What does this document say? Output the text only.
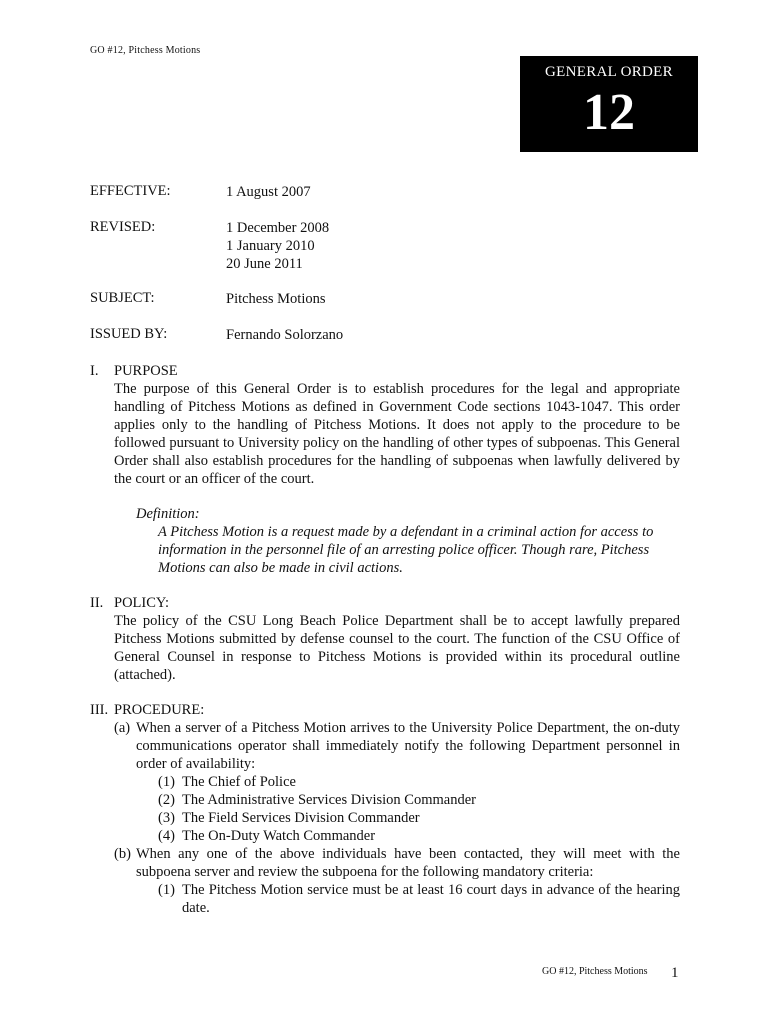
GO #12, Pitchess Motions
GENERAL ORDER
12
EFFECTIVE:	1 August 2007
REVISED:	1 December 2008
1 January 2010
20 June 2011
SUBJECT:	Pitchess Motions
ISSUED BY:	Fernando Solorzano
I. PURPOSE
The purpose of this General Order is to establish procedures for the legal and appropriate handling of Pitchess Motions as defined in Government Code sections 1043-1047. This order applies only to the handling of Pitchess Motions. It does not apply to the procedure to be followed pursuant to University policy on the handling of other types of subpoenas. This General Order shall also establish procedures for the handling of subpoenas when lawfully delivered by the court or an officer of the court.
Definition:
A Pitchess Motion is a request made by a defendant in a criminal action for access to information in the personnel file of an arresting police officer. Though rare, Pitchess Motions can also be made in civil actions.
II. POLICY:
The policy of the CSU Long Beach Police Department shall be to accept lawfully prepared Pitchess Motions submitted by defense counsel to the court. The function of the CSU Office of General Counsel in response to Pitchess Motions is provided within its procedural outline (attached).
III. PROCEDURE:
(a) When a server of a Pitchess Motion arrives to the University Police Department, the on-duty communications operator shall immediately notify the following Department personnel in order of availability:
(1) The Chief of Police
(2) The Administrative Services Division Commander
(3) The Field Services Division Commander
(4) The On-Duty Watch Commander
(b) When any one of the above individuals have been contacted, they will meet with the subpoena server and review the subpoena for the following mandatory criteria:
(1) The Pitchess Motion service must be at least 16 court days in advance of the hearing date.
GO #12, Pitchess Motions 1
